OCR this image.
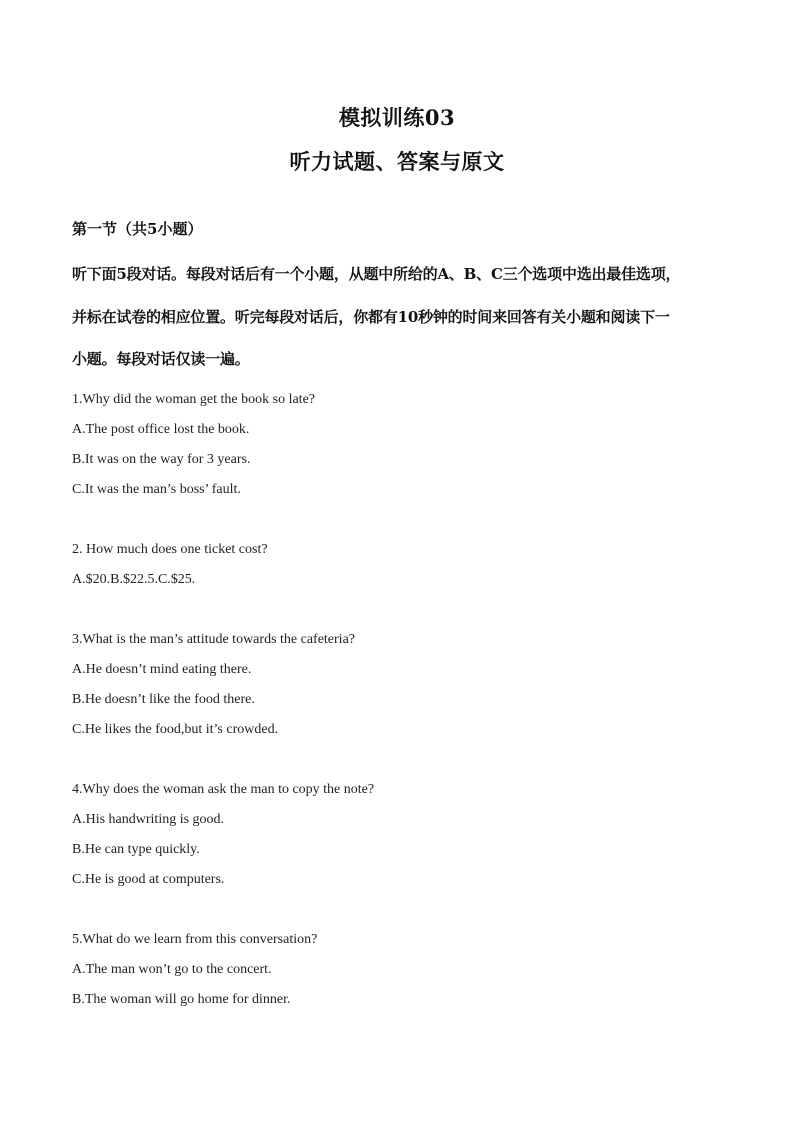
模拟训练03
听力试题、答案与原文
第一节（共5小题）
听下面5段对话。每段对话后有一个小题，从题中所给的A、B、C三个选项中选出最佳选项，
并标在试卷的相应位置。听完每段对话后，你都有10秒钟的时间来回答有关小题和阅读下一
小题。每段对话仅读一遍。
1.Why did the woman get the book so late?
A.The post office lost the book.
B.It was on the way for 3 years.
C.It was the man’s boss’ fault.
2. How much does one ticket cost?
A.$20.B.$22.5.C.$25.
3.What is the man’s attitude towards the cafeteria?
A.He doesn’t mind eating there.
B.He doesn’t like the food there.
C.He likes the food,but it’s crowded.
4.Why does the woman ask the man to copy the note?
A.His handwriting is good.
B.He can type quickly.
C.He is good at computers.
5.What do we learn from this conversation?
A.The man won’t go to the concert.
B.The woman will go home for dinner.
